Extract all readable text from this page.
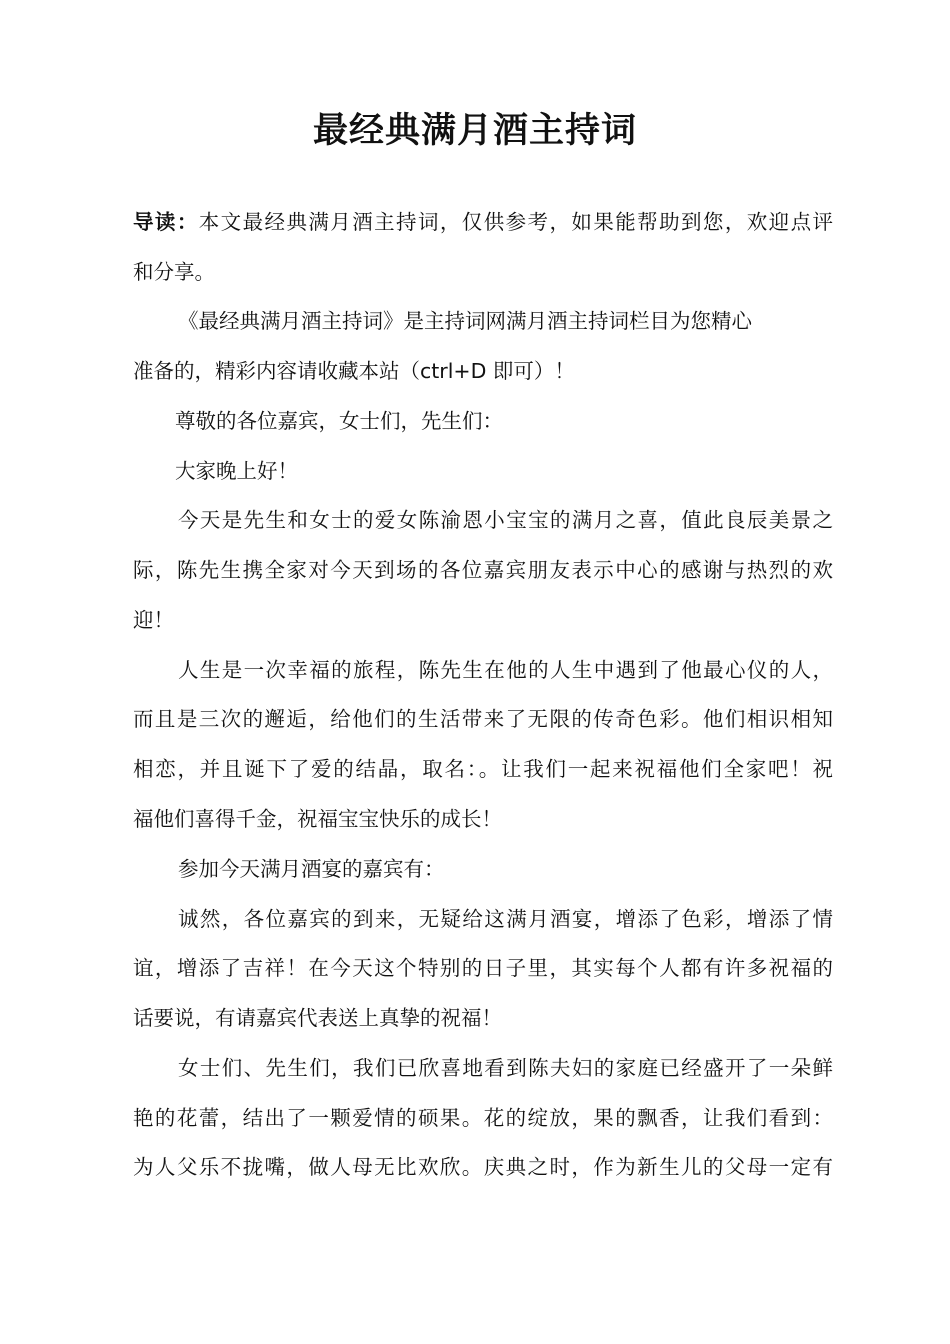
最经典满月酒主持词
导读：本文最经典满月酒主持词，仅供参考，如果能帮助到您，欢迎点评
和分享。
《最经典满月酒主持词》是主持词网满月酒主持词栏目为您精心
准备的，精彩内容请收藏本站（ctrl+D 即可）！
尊敬的各位嘉宾，女士们，先生们：
大家晚上好！
今天是先生和女士的爱女陈渝恩小宝宝的满月之喜，值此良辰美景之
际，陈先生携全家对今天到场的各位嘉宾朋友表示中心的感谢与热烈的欢
迎！
人生是一次幸福的旅程，陈先生在他的人生中遇到了他最心仪的人，
而且是三次的邂逅，给他们的生活带来了无限的传奇色彩。他们相识相知
相恋，并且诞下了爱的结晶，取名：。让我们一起来祝福他们全家吧！祝
福他们喜得千金，祝福宝宝快乐的成长！
参加今天满月酒宴的嘉宾有：
诚然，各位嘉宾的到来，无疑给这满月酒宴，增添了色彩，增添了情
谊，增添了吉祥！在今天这个特别的日子里，其实每个人都有许多祝福的
话要说，有请嘉宾代表送上真挚的祝福！
女士们、先生们，我们已欣喜地看到陈夫妇的家庭已经盛开了一朵鲜
艳的花蕾，结出了一颗爱情的硕果。花的绽放，果的飘香，让我们看到：
为人父乐不拢嘴，做人母无比欢欣。庆典之时，作为新生儿的父母一定有
